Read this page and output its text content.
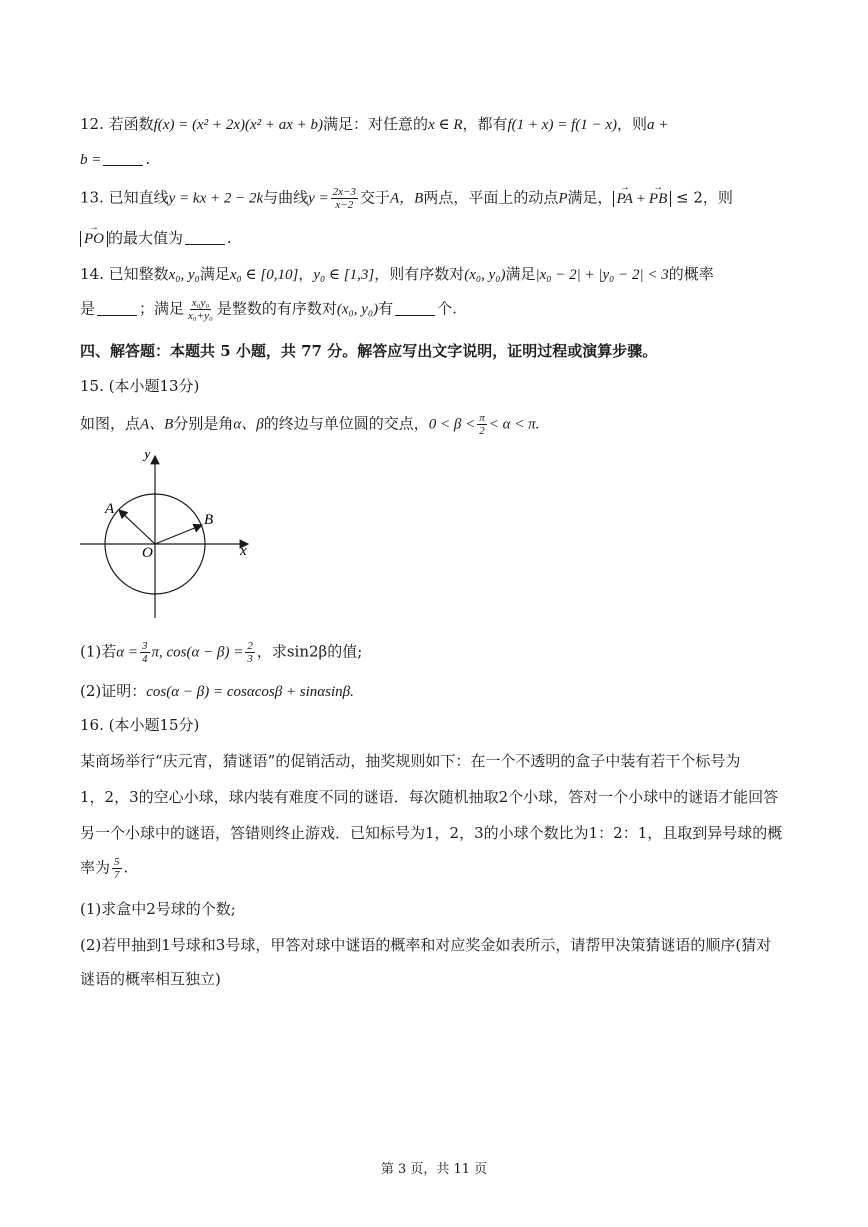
12. 若函数f(x) = (x² + 2x)(x² + ax + b)满足：对任意的x ∈ R，都有f(1 + x) = f(1 − x)，则a +
b =	.
13. 已知直线y = kx + 2 − 2k与曲线$y = \frac{2x-3}{x-2}$ 交于A，B两点，平面上的动点P满足， → PA + → PB ≤ 2，则
→ PO 的最大值为	.
14. 已知整数x₀, y₀满足x₀ ∈ [0,10]，y₀ ∈ [1,3]，则有序数对(x₀, y₀)满足|x₀ − 2| + |y₀ − 2| < 3的概率
是	；满足 $\frac{\text{x₀y₀}}{\text{x₀+y₀}}$ 是整数的有序数对(x₀, y₀)有	个.
四、解答题：本题共 5 小题，共 77 分。解答应写出文字说明，证明过程或演算步骤。
15. (本小题13分)
如图，点A、B分别是角α、β的终边与单位圆的交点，$0 < \beta < \frac{\pi}{2} < \alpha < \pi$.
y
x
O
A
B
(1)若$\alpha = \frac{3}{4} \pi$, $\cos(\alpha - \beta) = \frac{2}{3}$ ，求sin2β的值;
(2)证明：cos(α − β) = cosαcosβ + sinαsinβ.
16. (本小题15分)
某商场举行“庆元宵，猜谜语”的促销活动，抽奖规则如下：在一个不透明的盒子中装有若干个标号为
1，2，3的空心小球，球内装有难度不同的谜语．每次随机抽取2个小球，答对一个小球中的谜语才能回答
另一个小球中的谜语，答错则终止游戏．已知标号为1，2，3的小球个数比为1：2：1，且取到异号球的概
率为 $\frac{5}{7}$ .
(1)求盒中2号球的个数;
(2)若甲抽到1号球和3号球，甲答对球中谜语的概率和对应奖金如表所示，请帮甲决策猜谜语的顺序(猜对
谜语的概率相互独立)
第 3 页，共 11 页
